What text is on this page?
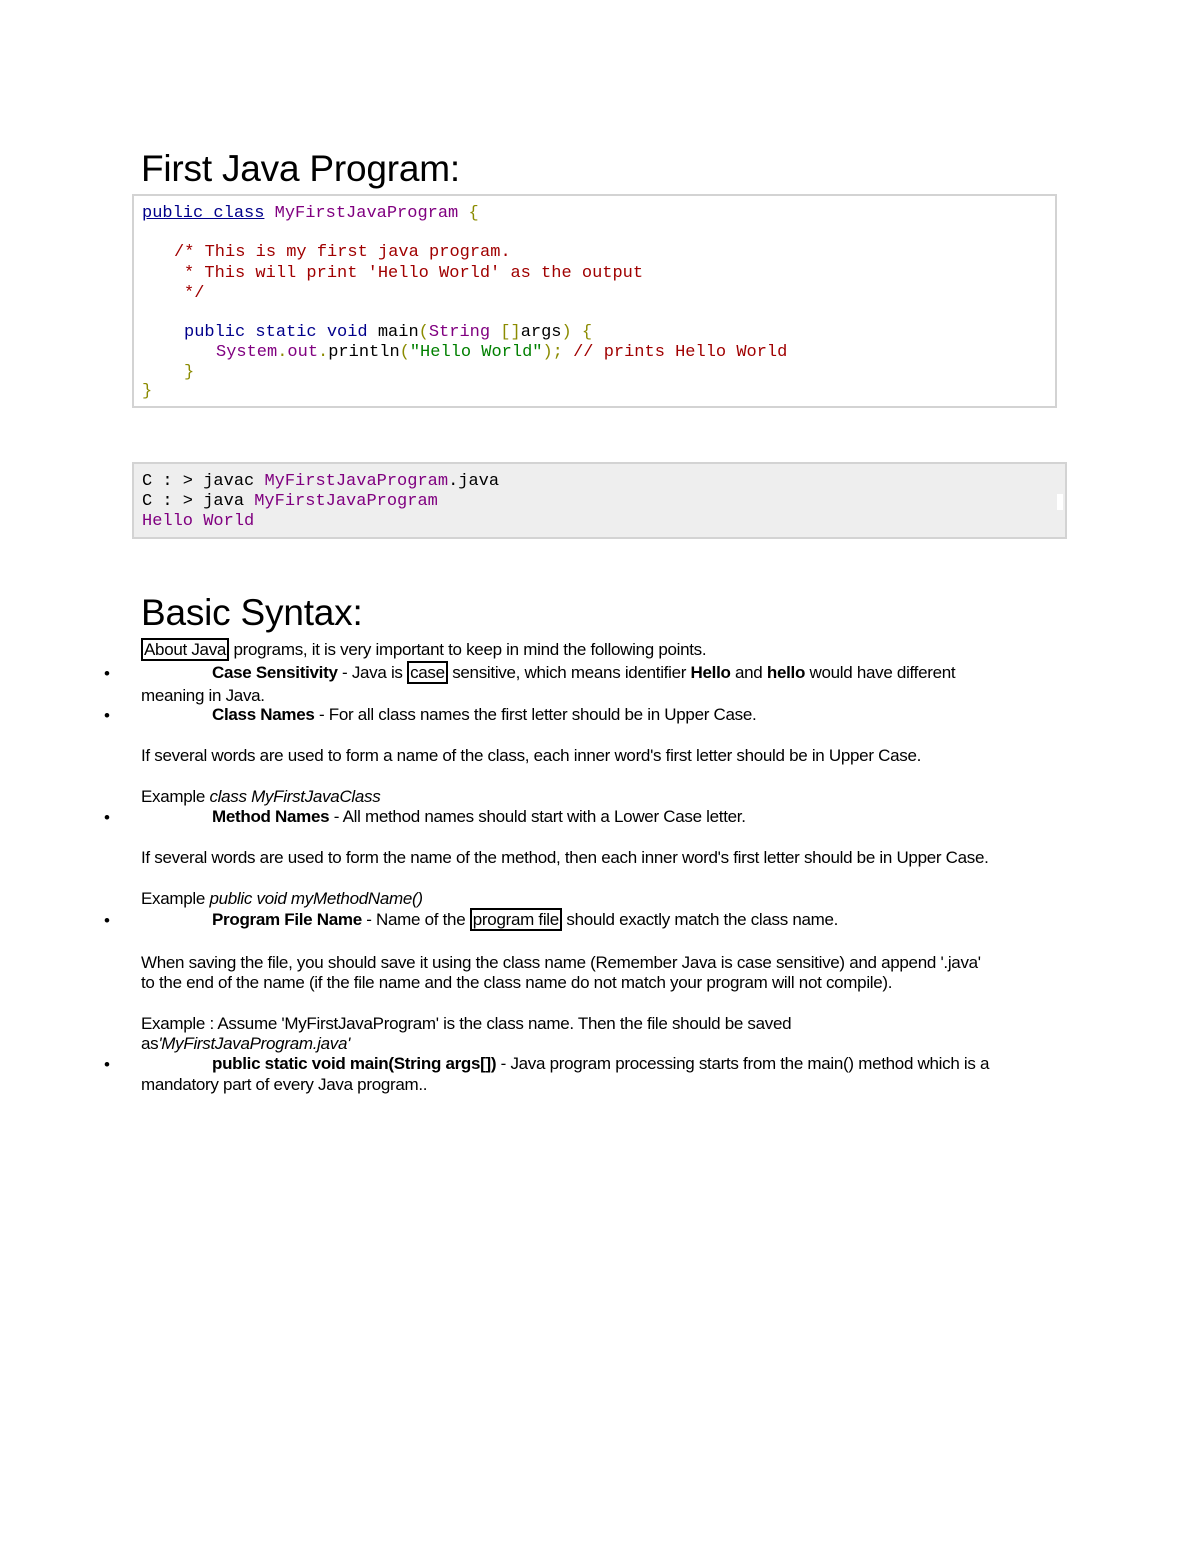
First Java Program:
public class MyFirstJavaProgram {
/* This is my first java program.
* This will print 'Hello World' as the output
*/
public static void main(String []args) {
System.out.println("Hello World"); // prints Hello World
}
}
C : > javac MyFirstJavaProgram.java
C : > java MyFirstJavaProgram
Hello World
Basic Syntax:

About Java programs, it is very important to keep in mind the following points.

•	Case Sensitivity - Java is case sensitive, which means identifier Hello and hello would have different

meaning in Java.

•	Class Names - For all class names the first letter should be in Upper Case.

If several words are used to form a name of the class, each inner word's first letter should be in Upper Case.

Example class MyFirstJavaClass

•	Method Names - All method names should start with a Lower Case letter.

If several words are used to form the name of the method, then each inner word's first letter should be in Upper Case.

Example public void myMethodName()

•	Program File Name - Name of the program file should exactly match the class name.

When saving the file, you should save it using the class name (Remember Java is case sensitive) and append '.java'

to the end of the name (if the file name and the class name do not match your program will not compile).

Example : Assume 'MyFirstJavaProgram' is the class name. Then the file should be saved

as'MyFirstJavaProgram.java'

•	public static void main(String args[]) - Java program processing starts from the main() method which is a

mandatory part of every Java program..
